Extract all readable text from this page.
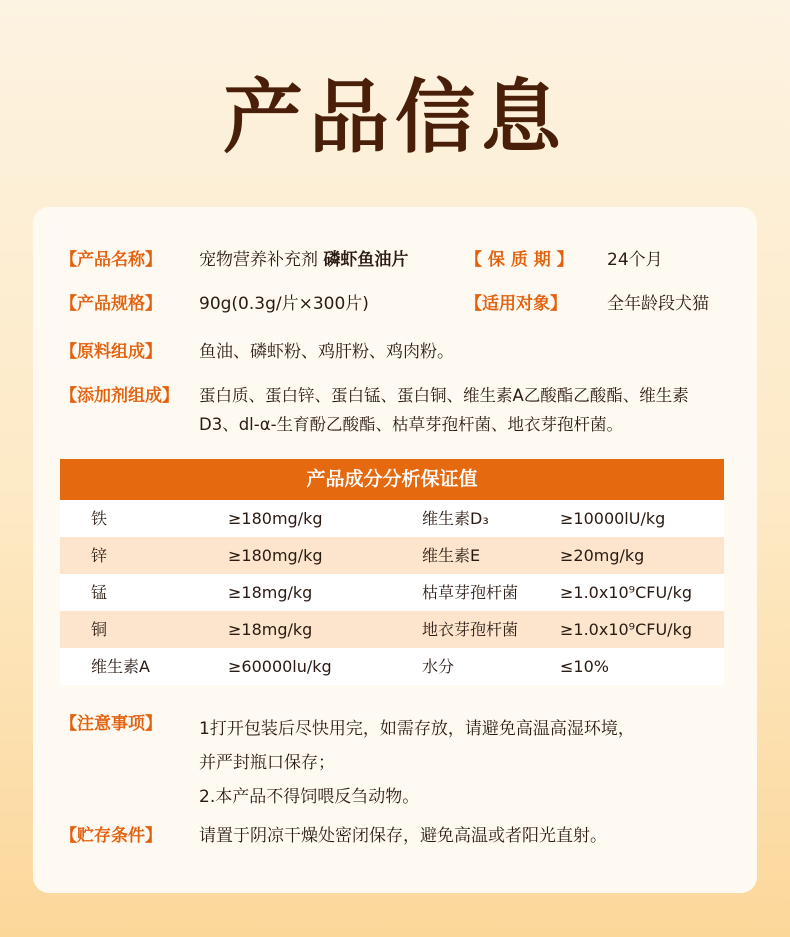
产品信息
【产品名称】 宠物营养补充剂 磷虾鱼油片	【 保 质 期 】 24个月
【产品规格】 90g(0.3g/片×300片)	【适用对象】 全年龄段犬猫
【原料组成】 鱼油、磷虾粉、鸡肝粉、鸡肉粉。
【添加剂组成】 蛋白质、蛋白锌、蛋白锰、蛋白铜、维生素A乙酸酯乙酸酯、维生素
D3、dl-α-生育酚乙酸酯、枯草芽孢杆菌、地衣芽孢杆菌。
产品成分分析保证值
铁	≥180mg/kg	维生素D₃	≥10000lU/kg
锌	≥180mg/kg	维生素E	≥20mg/kg
锰	≥18mg/kg	枯草芽孢杆菌	≥1.0x10⁹CFU/kg
铜	≥18mg/kg	地衣芽孢杆菌	≥1.0x10⁹CFU/kg
维生素A	≥60000lu/kg	水分	≤10%
【注意事项】 1打开包装后尽快用完，如需存放，请避免高温高湿环境，
并严封瓶口保存；
2.本产品不得饲喂反刍动物。
【贮存条件】 请置于阴凉干燥处密闭保存，避免高温或者阳光直射。
